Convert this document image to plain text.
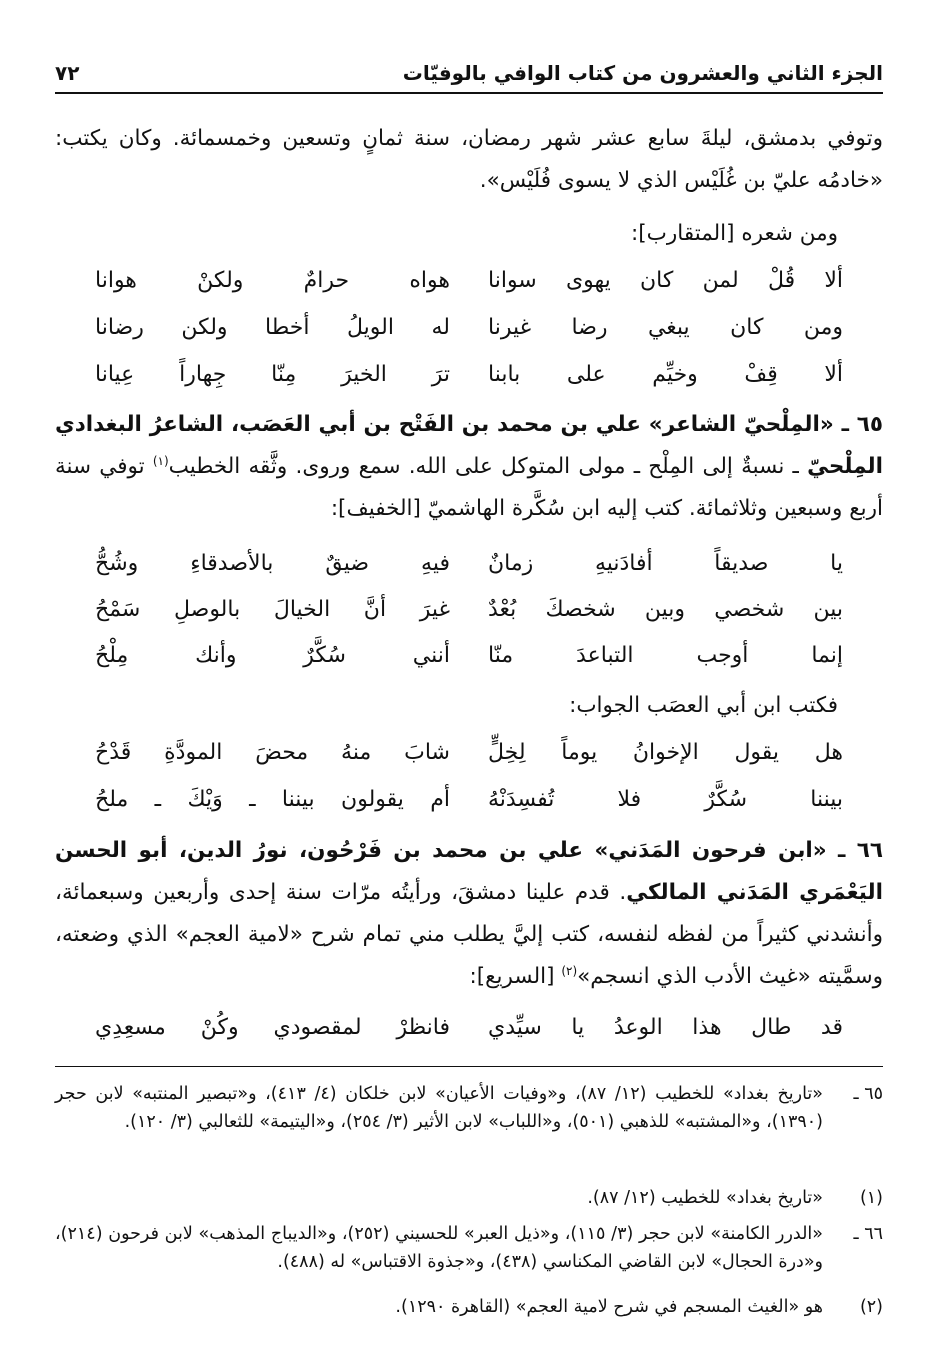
الجزء الثاني والعشرون من كتاب الوافي بالوفيّات
٧٢

وتوفي بدمشق، ليلةَ سابع عشر شهر رمضان، سنة ثمانٍ وتسعين وخمسمائة. وكان يكتب: «خادمُه عليّ بن غُلَيْس الذي لا يسوى فُلَيْس».

ومن شعره [المتقارب]:
ألا قُلْ لمن كان يهوى سوانا
هواه حرامٌ ولكنْ هوانا
ومن كان يبغي رضا غيرنا
له الويلُ أخطا ولكن رضانا
ألا قِفْ وخيِّم على بابنا
ترَ الخيرَ مِنّا جِهاراً عِيانا

٦٥ ـ «المِلْحيّ الشاعر» علي بن محمد بن الفَتْح بن أبي العَصَب، الشاعرُ البغدادي المِلْحيّ ـ نسبةٌ إلى المِلْح ـ مولى المتوكل على الله. سمع وروى. وثَّقه الخطيب$^{(١)}$ توفي سنة أربع وسبعين وثلاثمائة. كتب إليه ابن سُكَّرة الهاشميّ [الخفيف]:

يا صديقاً أفادَنيهِ زمانٌ
فيهِ ضيقٌ بالأصدقاءِ وشُحُّ
بين شخصي وبين شخصكَ بُعْدٌ
غيرَ أنَّ الخيالَ بالوصلِ سَمْحُ
إنما أوجب التباعدَ منّا
أنني سُكَّرٌ وأنك مِلْحُ
فكتب ابن أبي العصَب الجواب:
هل يقول الإخوانُ يوماً لِخِلٍّ
شابَ منهُ محضَ المودَّةِ قَدْحُ
بيننا سُكَّرٌ فلا تُفسِدَنْهُ
أم يقولون بيننا ـ وَيْكَ ـ ملحُ

٦٦ ـ «ابن فرحون المَدَني» علي بن محمد بن فَرْحُون، نورُ الدين، أبو الحسن اليَعْمَري المَدَني المالكي. قدم علينا دمشقَ، ورأيتُه مرّات سنة إحدى وأربعين وسبعمائة، وأنشدني كثيراً من لفظه لنفسه، كتب إليَّ يطلب مني تمام شرح «لامية العجم» الذي وضعته، وسمَّيته «غيث الأدب الذي انسجم»$^{(٢)}$ [السريع]:

قد طال هذا الوعدُ يا سيِّدي
فانظرْ لمقصودي وكُنْ مسعِدِي
٦٥ ـ
«تاريخ بغداد» للخطيب (١٢/ ٨٧)، و«وفيات الأعيان» لابن خلكان (٤/ ٤١٣)، و«تبصير المنتبه» لابن حجر (١٣٩٠)، و«المشتبه» للذهبي (٥٠١)، و«اللباب» لابن الأثير (٣/ ٢٥٤)، و«اليتيمة» للثعالبي (٣/ ١٢٠).
(١)
«تاريخ بغداد» للخطيب (١٢/ ٨٧).
٦٦ ـ
«الدرر الكامنة» لابن حجر (٣/ ١١٥)، و«ذيل العبر» للحسيني (٢٥٢)، و«الديباج المذهب» لابن فرحون (٢١٤)، و«درة الحجال» لابن القاضي المكناسي (٤٣٨)، و«جذوة الاقتباس» له (٤٨٨).
(٢)
هو «الغيث المسجم في شرح لامية العجم» (القاهرة ١٢٩٠).
